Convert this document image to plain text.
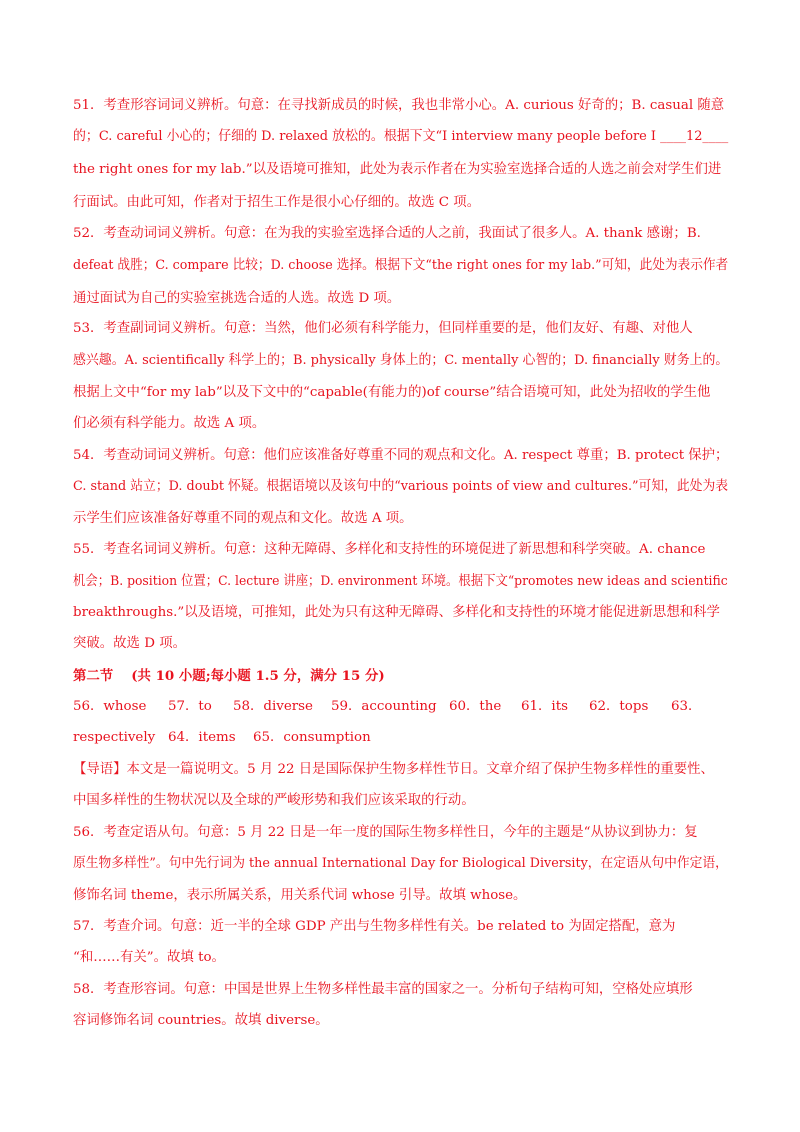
51．考查形容词词义辨析。句意：在寻找新成员的时候，我也非常小心。A. curious 好奇的；B. casual 随意
的；C. careful 小心的；仔细的 D. relaxed 放松的。根据下文“I interview many people before I ____12____
the right ones for my lab.”以及语境可推知，此处为表示作者在为实验室选择合适的人选之前会对学生们进
行面试。由此可知，作者对于招生工作是很小心仔细的。故选 C 项。
52．考查动词词义辨析。句意：在为我的实验室选择合适的人之前，我面试了很多人。A. thank 感谢；B.
defeat 战胜；C. compare 比较；D. choose 选择。根据下文“the right ones for my lab.”可知，此处为表示作者
通过面试为自己的实验室挑选合适的人选。故选 D 项。
53．考查副词词义辨析。句意：当然，他们必须有科学能力，但同样重要的是，他们友好、有趣、对他人
感兴趣。A. scientifically 科学上的；B. physically 身体上的；C. mentally 心智的；D. financially 财务上的。
根据上文中“for my lab”以及下文中的“capable(有能力的)of course”结合语境可知，此处为招收的学生他
们必须有科学能力。故选 A 项。
54．考查动词词义辨析。句意：他们应该准备好尊重不同的观点和文化。A. respect 尊重；B. protect 保护；
C. stand 站立；D. doubt 怀疑。根据语境以及该句中的“various points of view and cultures.”可知，此处为表
示学生们应该准备好尊重不同的观点和文化。故选 A 项。
55．考查名词词义辨析。句意：这种无障碍、多样化和支持性的环境促进了新思想和科学突破。A. chance
机会；B. position 位置；C. lecture 讲座；D. environment 环境。根据下文“promotes new ideas and scientific
breakthroughs.”以及语境，可推知，此处为只有这种无障碍、多样化和支持性的环境才能促进新思想和科学
突破。故选 D 项。
第二节　 (共 10 小题;每小题 1.5 分，满分 15 分)
56．whose 57．to 58．diverse 59．accounting 60．the 61．its 62．tops 63．
respectively 64．items 65．consumption
【导语】本文是一篇说明文。5 月 22 日是国际保护生物多样性节日。文章介绍了保护生物多样性的重要性、
中国多样性的生物状况以及全球的严峻形势和我们应该采取的行动。
56．考查定语从句。句意：5 月 22 日是一年一度的国际生物多样性日，今年的主题是“从协议到协力：复
原生物多样性”。句中先行词为 the annual International Day for Biological Diversity，在定语从句中作定语，
修饰名词 theme，表示所属关系，用关系代词 whose 引导。故填 whose。
57．考查介词。句意：近一半的全球 GDP 产出与生物多样性有关。be related to 为固定搭配，意为
“和……有关”。故填 to。
58．考查形容词。句意：中国是世界上生物多样性最丰富的国家之一。分析句子结构可知，空格处应填形
容词修饰名词 countries。故填 diverse。
